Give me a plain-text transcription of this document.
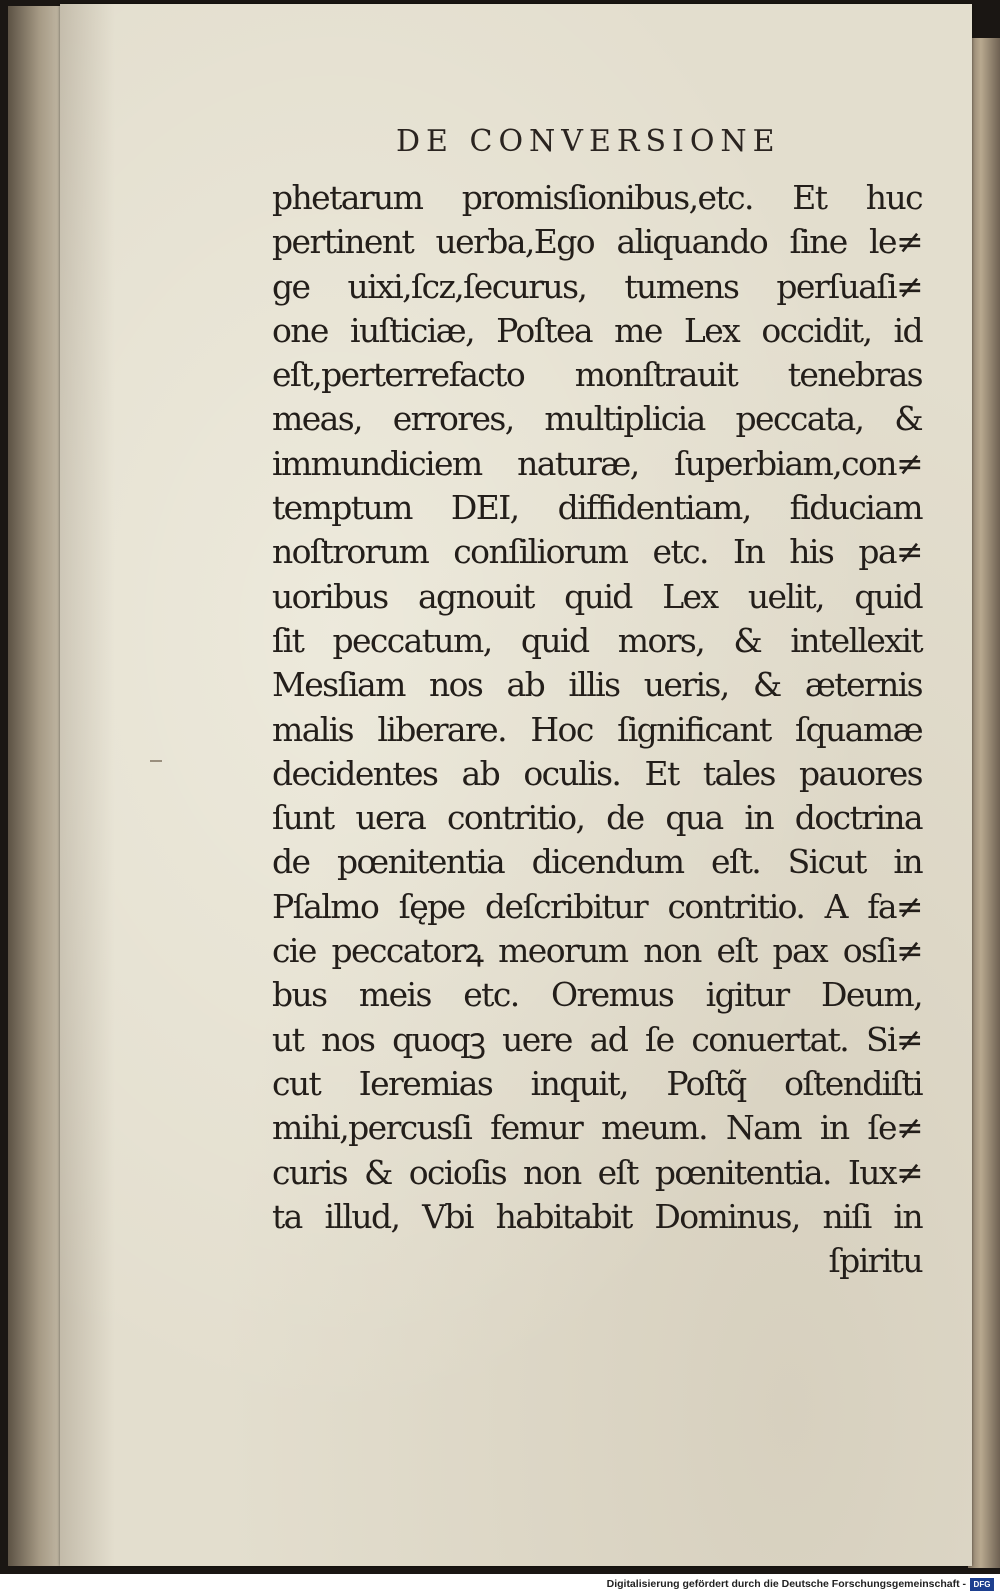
DE CONVERSIONE
phetarum promisſionibus,etc. Et huc
pertinent uerba,Ego aliquando ſine le≠
ge uixi,ſcz,ſecurus, tumens perſuaſi≠
one iuſticiæ, Poſtea me Lex occidit, id
eſt,perterrefacto monſtrauit tenebras
meas, errores, multiplicia peccata, &
immundiciem naturæ, ſuperbiam,con≠
temptum DEI, diffidentiam, fiduciam
noſtrorum conſiliorum etc. In his pa≠
uoribus agnouit quid Lex uelit, quid
ſit peccatum, quid mors, & intellexit
Mesſiam nos ab illis ueris, & æternis
malis liberare. Hoc ſignificant ſquamæ
decidentes ab oculis. Et tales pauores
ſunt uera contritio, de qua in doctrina
de pœnitentia dicendum eſt. Sicut in
Pſalmo ſępe deſcribitur contritio. A fa≠
cie peccatorꝝ meorum non eſt pax osſi≠
bus meis etc. Oremus igitur Deum,
ut nos quoqꝫ uere ad ſe conuertat. Si≠
cut Ieremias inquit, Poſtq̃ oſtendiſti
mihi,percusſi femur meum. Nam in ſe≠
curis & ocioſis non eſt pœnitentia. Iux≠
ta illud, Vbi habitabit Dominus, niſi in
ſpiritu
Digitalisierung gefördert durch die Deutsche Forschungsgemeinschaft - DFG
